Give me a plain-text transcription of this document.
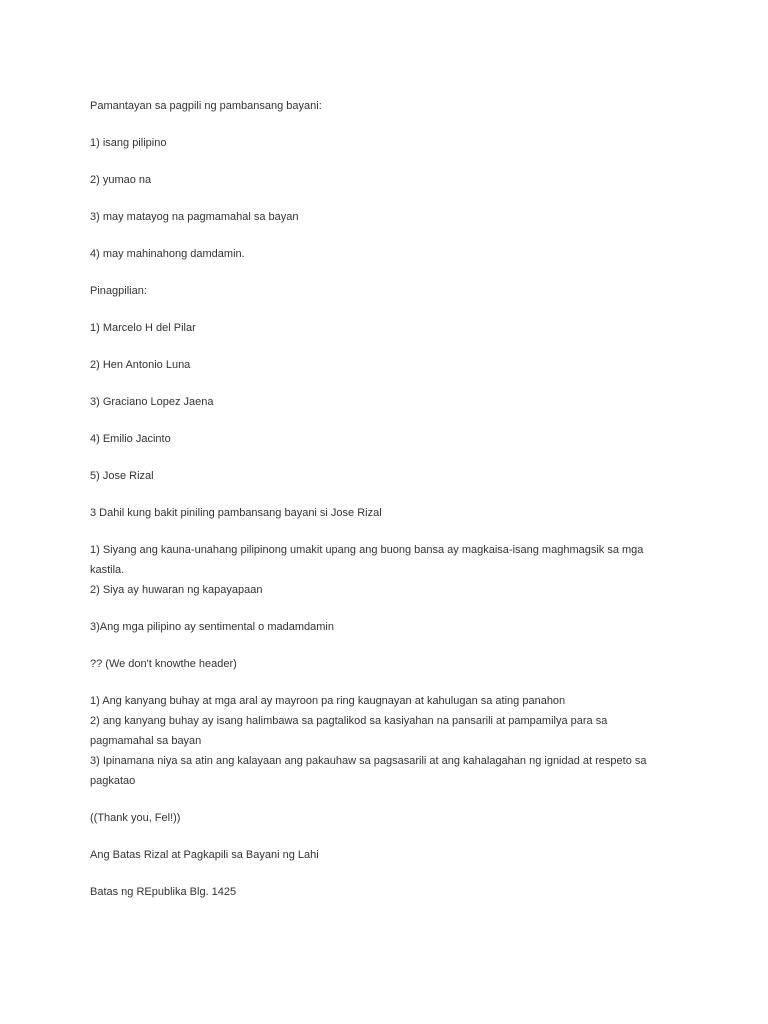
Pamantayan sa pagpili ng pambansang bayani:

1) isang pilipino

2) yumao na

3) may matayog na pagmamahal sa bayan

4) may mahinahong damdamin.

Pinagpilian:

1) Marcelo H del Pilar

2) Hen Antonio Luna

3) Graciano Lopez Jaena

4) Emilio Jacinto

5) Jose Rizal

3 Dahil kung bakit piniling pambansang bayani si Jose Rizal

1) Siyang ang kauna-unahang pilipinong umakit upang ang buong bansa ay magkaisa-isang maghmagsik sa mga

kastila.

2) Siya ay huwaran ng kapayapaan

3)Ang mga pilipino ay sentimental o madamdamin

?? (We don't knowthe header)

1) Ang kanyang buhay at mga aral ay mayroon pa ring kaugnayan at kahulugan sa ating panahon

2) ang kanyang buhay ay isang halimbawa sa pagtalikod sa kasiyahan na pansarili at pampamilya para sa

pagmamahal sa bayan

3) Ipinamana niya sa atin ang kalayaan ang pakauhaw sa pagsasarili at ang kahalagahan ng ignidad at respeto sa

pagkatao

((Thank you, Fel!))

Ang Batas Rizal at Pagkapili sa Bayani ng Lahi

Batas ng REpublika Blg. 1425
